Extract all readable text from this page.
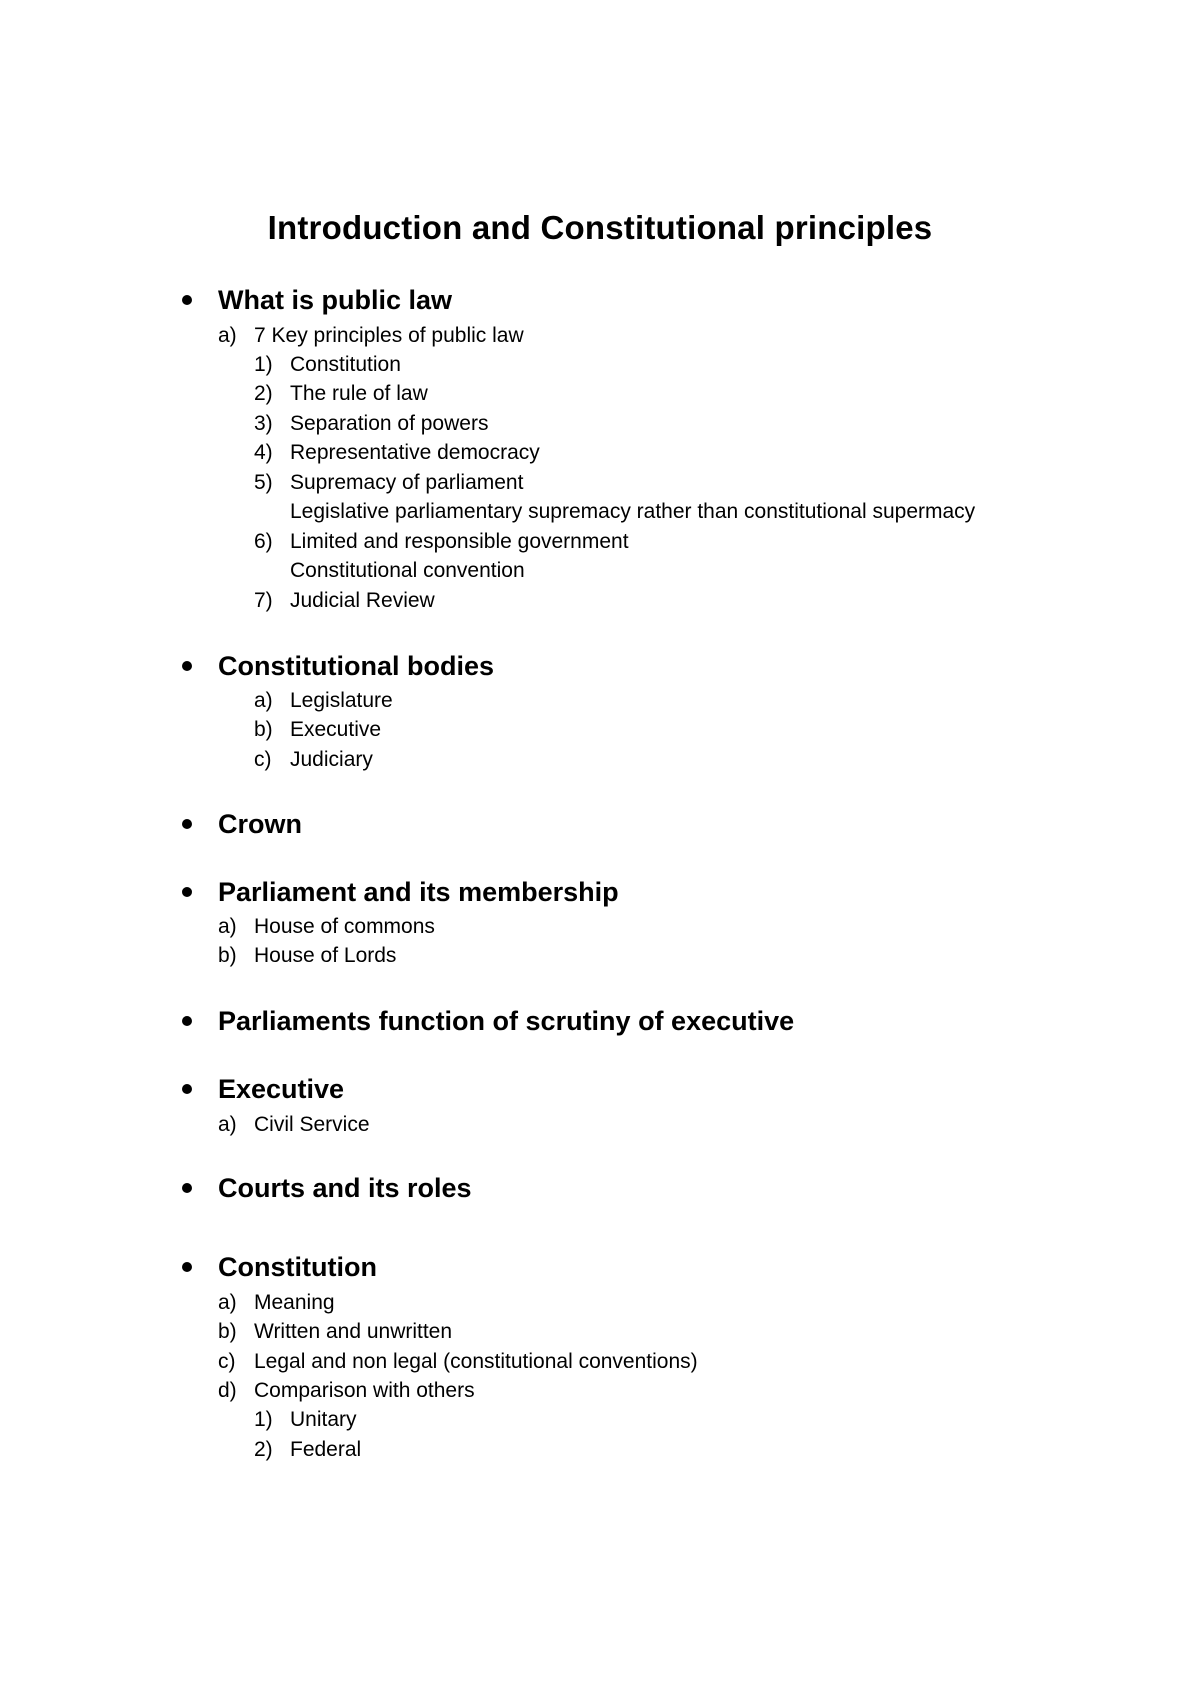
Introduction and Constitutional principles
What is public law
a) 7 Key principles of public law
1) Constitution
2) The rule of law
3) Separation of powers
4) Representative democracy
5) Supremacy of parliament
Legislative parliamentary supremacy rather than constitutional supermacy
6) Limited and responsible government
Constitutional convention
7) Judicial Review
Constitutional bodies
a) Legislature
b) Executive
c) Judiciary
Crown
Parliament and its membership
a) House of commons
b) House of Lords
Parliaments function of scrutiny of executive
Executive
a) Civil Service
Courts and its roles
Constitution
a) Meaning
b) Written and unwritten
c) Legal and non legal (constitutional conventions)
d) Comparison with others
1) Unitary
2) Federal
